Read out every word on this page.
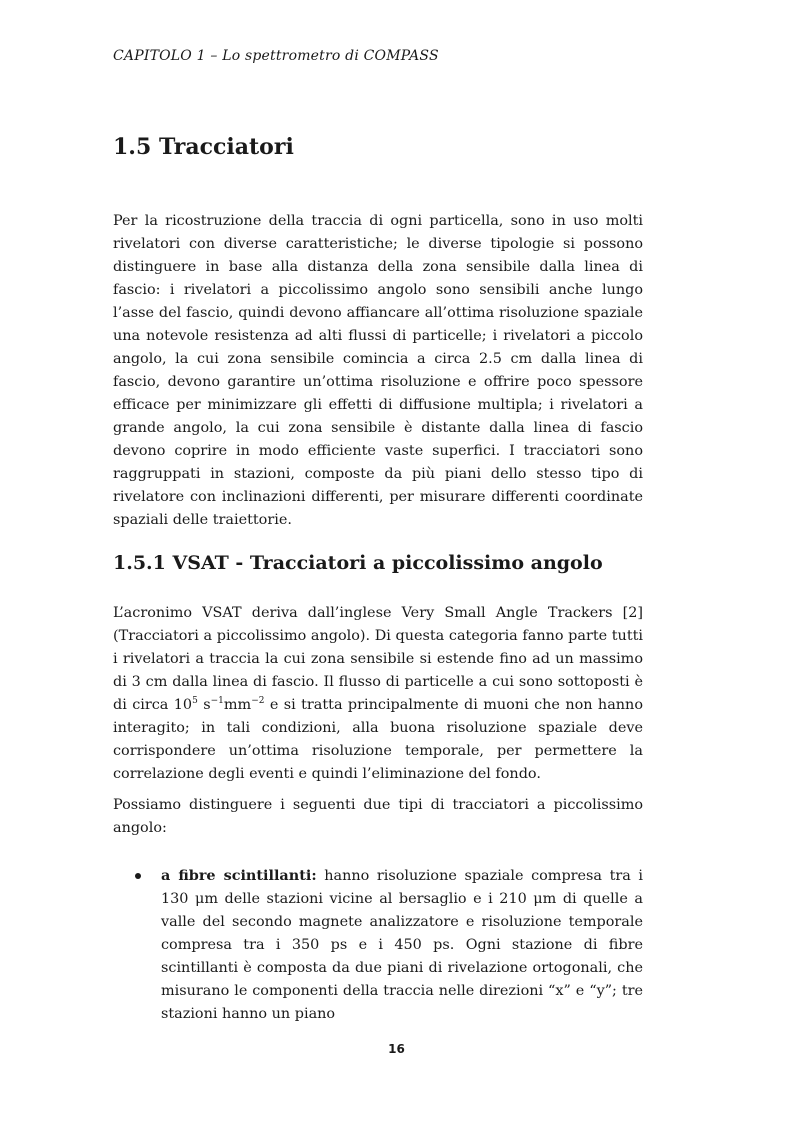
CAPITOLO 1 – Lo spettrometro di COMPASS
1.5 Tracciatori

Per la ricostruzione della traccia di ogni particella, sono in uso molti rivelatori con diverse caratteristiche; le diverse tipologie si possono distinguere in base alla distanza della zona sensibile dalla linea di fascio: i rivelatori a piccolissimo angolo sono sensibili anche lungo l’asse del fascio, quindi devono affiancare all’ottima risoluzione spaziale una notevole resistenza ad alti flussi di particelle; i rivelatori a piccolo angolo, la cui zona sensibile comincia a circa 2.5 cm dalla linea di fascio, devono garantire un’ottima risoluzione e offrire poco spessore efficace per minimizzare gli effetti di diffusione multipla; i rivelatori a grande angolo, la cui zona sensibile è distante dalla linea di fascio devono coprire in modo efficiente vaste superfici. I tracciatori sono raggruppati in stazioni, composte da più piani dello stesso tipo di rivelatore con inclinazioni differenti, per misurare differenti coordinate spaziali delle traiettorie.

1.5.1 VSAT - Tracciatori a piccolissimo angolo

L’acronimo VSAT deriva dall’inglese Very Small Angle Trackers [2] (Tracciatori a piccolissimo angolo). Di questa categoria fanno parte tutti i rivelatori a traccia la cui zona sensibile si estende fino ad un massimo di 3 cm dalla linea di fascio. Il flusso di particelle a cui sono sottoposti è di circa $10^5$ $s^{-1}mm^{-2}$ e si tratta principalmente di muoni che non hanno interagito; in tali condizioni, alla buona risoluzione spaziale deve corrispondere un’ottima risoluzione temporale, per permettere la correlazione degli eventi e quindi l’eliminazione del fondo.

Possiamo distinguere i seguenti due tipi di tracciatori a piccolissimo angolo:

a fibre scintillanti: hanno risoluzione spaziale compresa tra i 130 μm delle stazioni vicine al bersaglio e i 210 μm di quelle a valle del secondo magnete analizzatore e risoluzione temporale compresa tra i 350 ps e i 450 ps. Ogni stazione di fibre scintillanti è composta da due piani di rivelazione ortogonali, che misurano le componenti della traccia nelle direzioni “x” e “y”; tre stazioni hanno un piano
16
